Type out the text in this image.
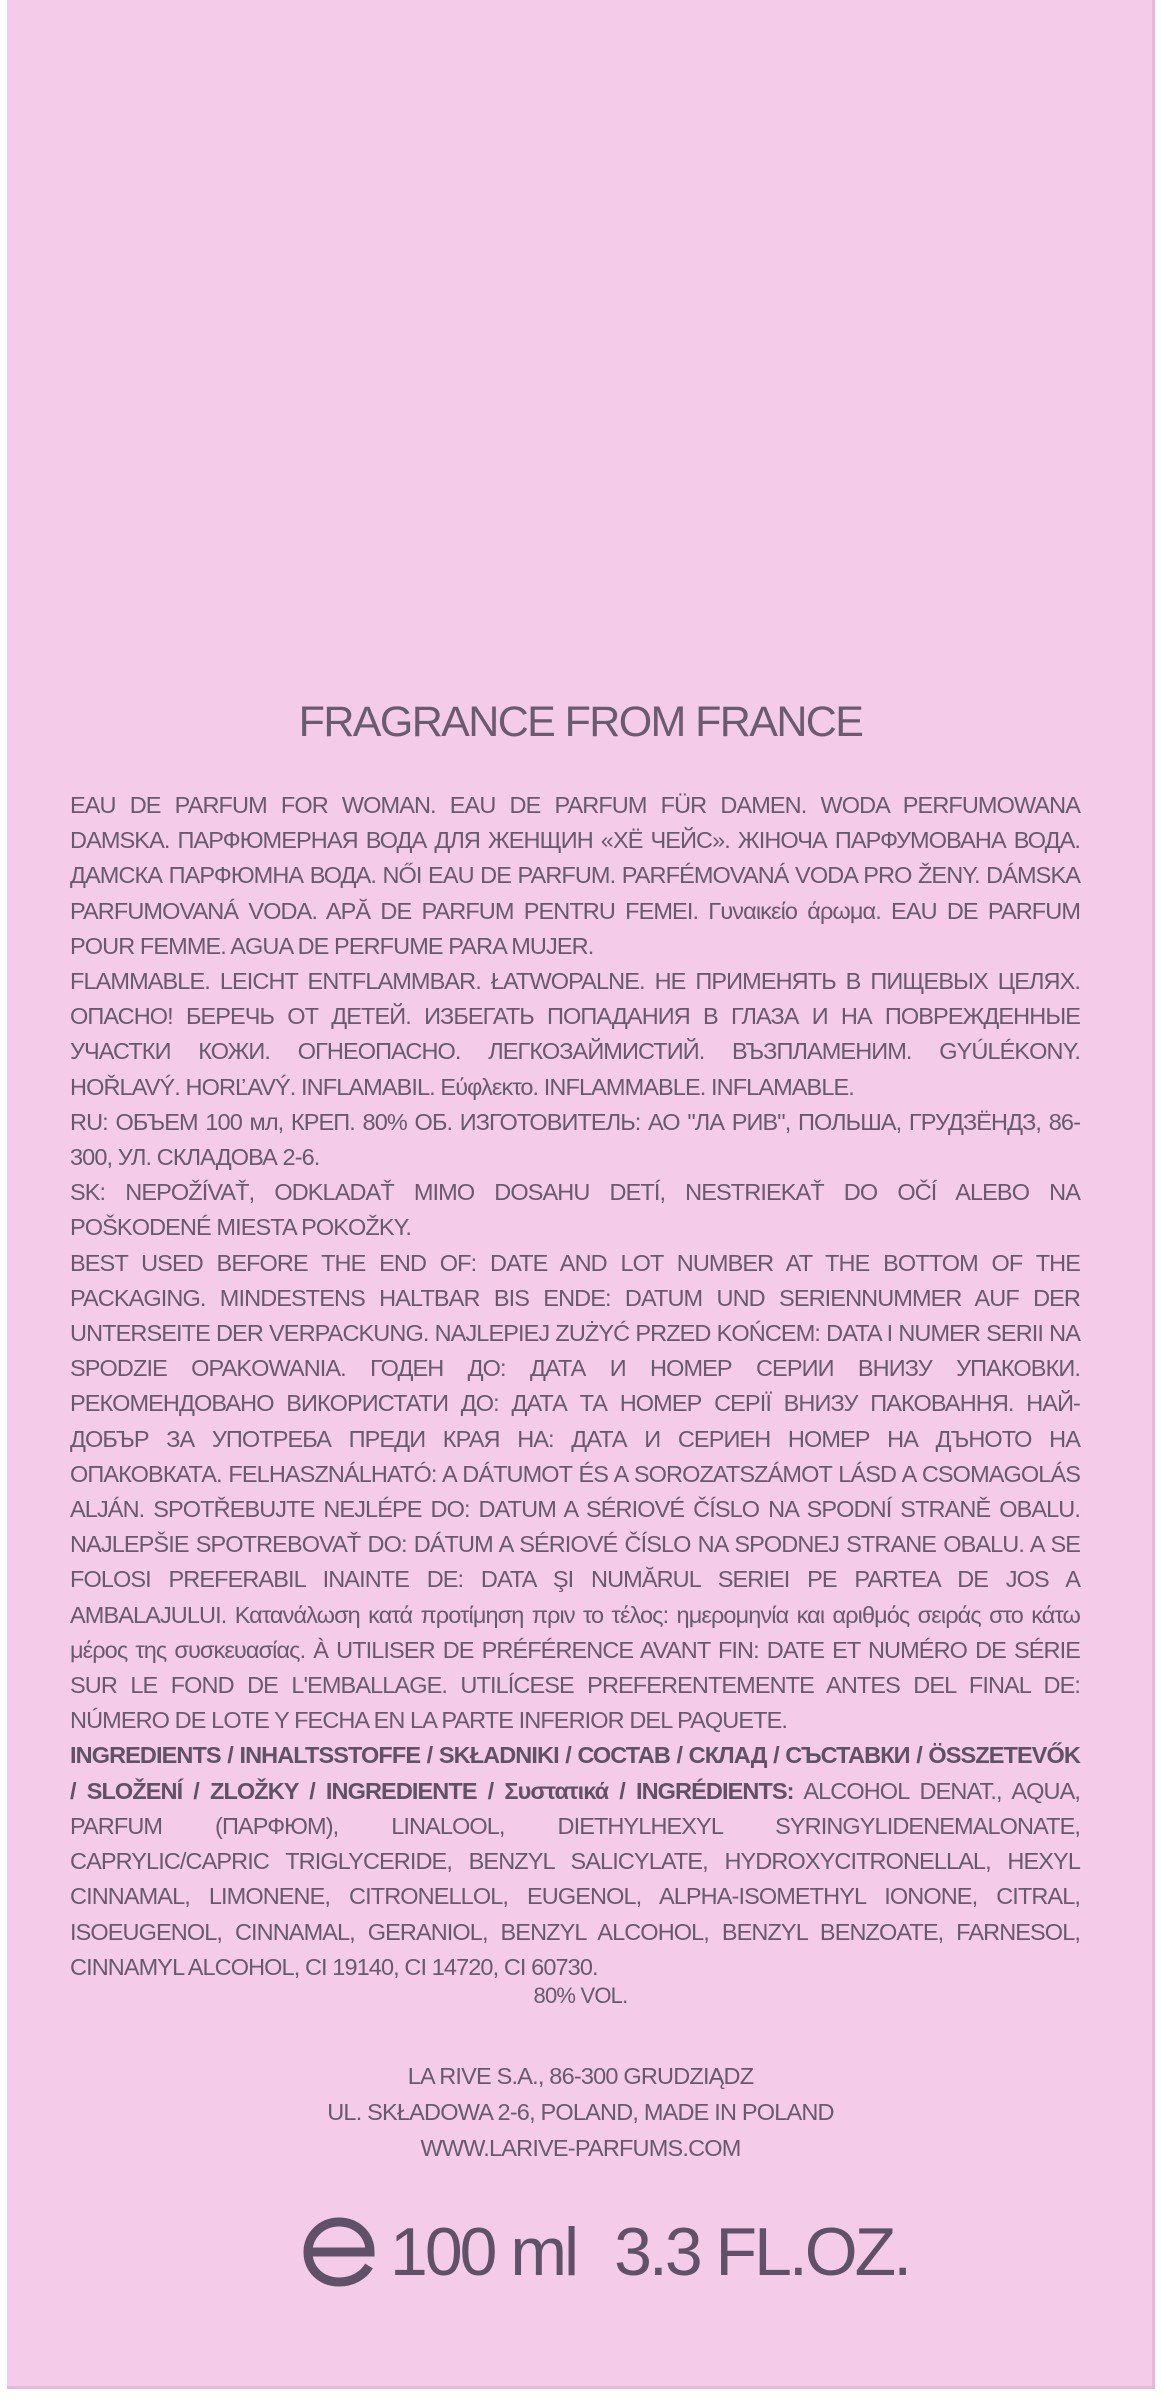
FRAGRANCE FROM FRANCE

EAU DE PARFUM FOR WOMAN. EAU DE PARFUM FÜR DAMEN. WODA PERFUMOWANA DAMSKA. ПАРФЮМЕРНАЯ ВОДА ДЛЯ ЖЕНЩИН «ХЁ ЧЕЙС». ЖІНОЧА ПАРФУМОВАНА ВОДА. ДАМСКА ПАРФЮМНА ВОДА. NŐI EAU DE PARFUM. PARFÉMOVANÁ VODA PRO ŽENY. DÁMSKA PARFUMOVANÁ VODA. APĂ DE PARFUM PENTRU FEMEI. Γυναικείο άρωμα. EAU DE PARFUM POUR FEMME. AGUA DE PERFUME PARA MUJER.

FLAMMABLE. LEICHT ENTFLAMMBAR. ŁATWOPALNE. НЕ ПРИМЕНЯТЬ В ПИЩЕВЫХ ЦЕЛЯХ. ОПАСНО! БЕРЕЧЬ ОТ ДЕТЕЙ. ИЗБЕГАТЬ ПОПАДАНИЯ В ГЛАЗА И НА ПОВРЕЖДЕННЫЕ УЧАСТКИ КОЖИ. ОГНЕОПАСНО. ЛЕГКОЗАЙМИСТИЙ. ВЪЗПЛАМЕНИМ. GYÚLÉKONY. HOŘLAVÝ. HORĽAVÝ. INFLAMABIL. Εύφλεκτο. INFLAMMABLE. INFLAMABLE.

RU: ОБЪЕМ 100 мл, КРЕП. 80% ОБ. ИЗГОТОВИТЕЛЬ: АО "ЛА РИВ", ПОЛЬША, ГРУДЗЁНДЗ, 86-300, УЛ. СКЛАДОВА 2-6.

SK: NEPOŽÍVAŤ, ODKLADAŤ MIMO DOSAHU DETÍ, NESTRIEKAŤ DO OČÍ ALEBO NA POŠKODENÉ MIESTA POKOŽKY.

BEST USED BEFORE THE END OF: DATE AND LOT NUMBER AT THE BOTTOM OF THE PACKAGING. MINDESTENS HALTBAR BIS ENDE: DATUM UND SERIENNUMMER AUF DER UNTERSEITE DER VERPACKUNG. NAJLEPIEJ ZUŻYĆ PRZED KOŃCEM: DATA I NUMER SERII NA SPODZIE OPAKOWANIA. ГОДЕН ДО: ДАТА И НОМЕР СЕРИИ ВНИЗУ УПАКОВКИ. РЕКОМЕНДОВАНО ВИКОРИСТАТИ ДО: ДАТА ТА НОМЕР СЕРІЇ ВНИЗУ ПАКОВАННЯ. НАЙ-ДОБЪР ЗА УПОТРЕБА ПРЕДИ КРАЯ НА: ДАТА И СЕРИЕН НОМЕР НА ДЪНОТО НА ОПАКОВКАТА. FELHASZNÁLHATÓ: A DÁTUMOT ÉS A SOROZATSZÁMOT LÁSD A CSOMAGOLÁS ALJÁN. SPOTŘEBUJTE NEJLÉPE DO: DATUM A SÉRIOVÉ ČÍSLO NA SPODNÍ STRANĚ OBALU. NAJLEPŠIE SPOTREBOVAŤ DO: DÁTUM A SÉRIOVÉ ČÍSLO NA SPODNEJ STRANE OBALU. A SE FOLOSI PREFERABIL INAINTE DE: DATA ŞI NUMĂRUL SERIEI PE PARTEA DE JOS A AMBALAJULUI. Κατανάλωση κατά προτίμηση πριν το τέλος: ημερομηνία και αριθμός σειράς στο κάτω μέρος της συσκευασίας. À UTILISER DE PRÉFÉRENCE AVANT FIN: DATE ET NUMÉRO DE SÉRIE SUR LE FOND DE L'EMBALLAGE. UTILÍCESE PREFERENTEMENTE ANTES DEL FINAL DE: NÚMERO DE LOTE Y FECHA EN LA PARTE INFERIOR DEL PAQUETE.

INGREDIENTS / INHALTSSTOFFE / SKŁADNIKI / СОСТАВ / СКЛАД / СЪСТАВКИ / ÖSSZETEVŐK / SLOŽENÍ / ZLOŽKY / INGREDIENTE / Συστατικά / INGRÉDIENTS: ALCOHOL DENAT., AQUA, PARFUM (ПАРФЮМ), LINALOOL, DIETHYLHEXYL SYRINGYLIDENEMALONATE, CAPRYLIC/CAPRIC TRIGLYCERIDE, BENZYL SALICYLATE, HYDROXYCITRONELLAL, HEXYL CINNAMAL, LIMONENE, CITRONELLOL, EUGENOL, ALPHA-ISOMETHYL IONONE, CITRAL, ISOEUGENOL, CINNAMAL, GERANIOL, BENZYL ALCOHOL, BENZYL BENZOATE, FARNESOL, CINNAMYL ALCOHOL, CI 19140, CI 14720, CI 60730.

80% VOL.
LA RIVE S.A., 86-300 GRUDZIĄDZ
UL. SKŁADOWA 2-6, POLAND, MADE IN POLAND
WWW.LARIVE-PARFUMS.COM
100 ml 3.3 FL.OZ.
